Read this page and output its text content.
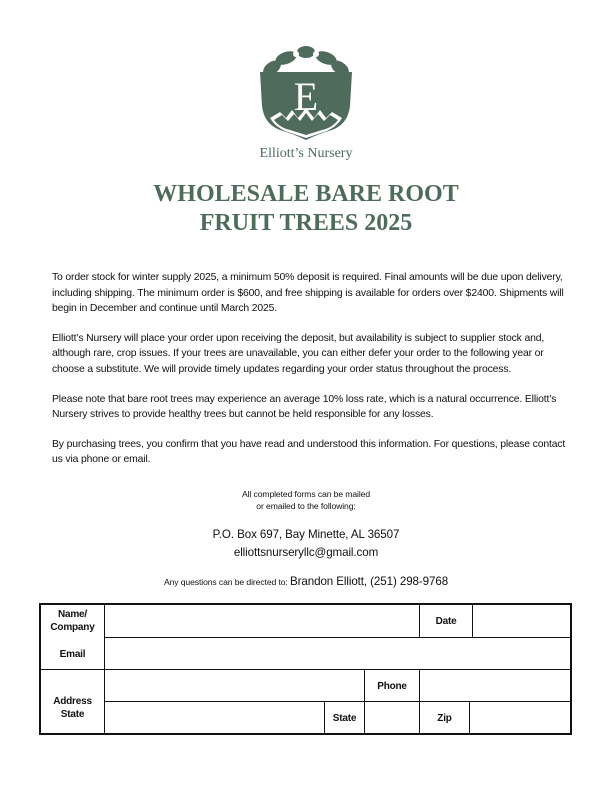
E
Elliott’s Nursery
WHOLESALE BARE ROOT
FRUIT TREES 2025

To order stock for winter supply 2025, a minimum 50% deposit is required. Final amounts will be due upon delivery, including shipping. The minimum order is $600, and free shipping is available for orders over $2400. Shipments will begin in December and continue until March 2025.

Elliott’s Nursery will place your order upon receiving the deposit, but availability is subject to supplier stock and, although rare, crop issues. If your trees are unavailable, you can either defer your order to the following year or choose a substitute. We will provide timely updates regarding your order status throughout the process.

Please note that bare root trees may experience an average 10% loss rate, which is a natural occurrence. Elliott’s Nursery strives to provide healthy trees but cannot be held responsible for any losses.

By purchasing trees, you confirm that you have read and understood this information. For questions, please contact us via phone or email.

All completed forms can be mailed
or emailed to the following:
P.O. Box 697, Bay Minette, AL 36507
elliottsnurseryllc@gmail.com
Any questions can be directed to: Brandon Elliott, (251) 298-9768
Name/
Company
Date
Email
Phone
Address
State	State	Zip
